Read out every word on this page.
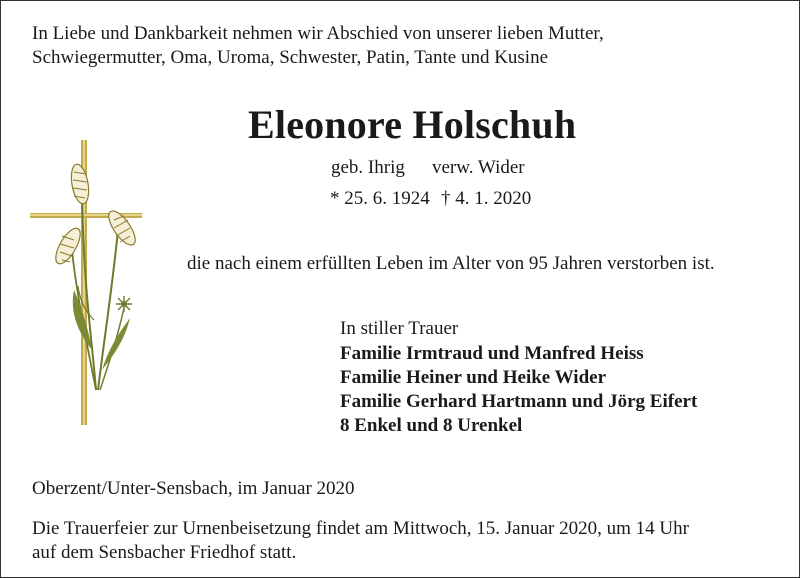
In Liebe und Dankbarkeit nehmen wir Abschied von unserer lieben Mutter,
Schwiegermutter, Oma, Uroma, Schwester, Patin, Tante und Kusine
Eleonore Holschuh
geb. Ihrig verw. Wider
* 25. 6. 1924 † 4. 1. 2020
die nach einem erfüllten Leben im Alter von 95 Jahren verstorben ist.
In stiller Trauer
Familie Irmtraud und Manfred Heiss
Familie Heiner und Heike Wider
Familie Gerhard Hartmann und Jörg Eifert
8 Enkel und 8 Urenkel
Oberzent/Unter-Sensbach, im Januar 2020
Die Trauerfeier zur Urnenbeisetzung findet am Mittwoch, 15. Januar 2020, um 14 Uhr
auf dem Sensbacher Friedhof statt.
